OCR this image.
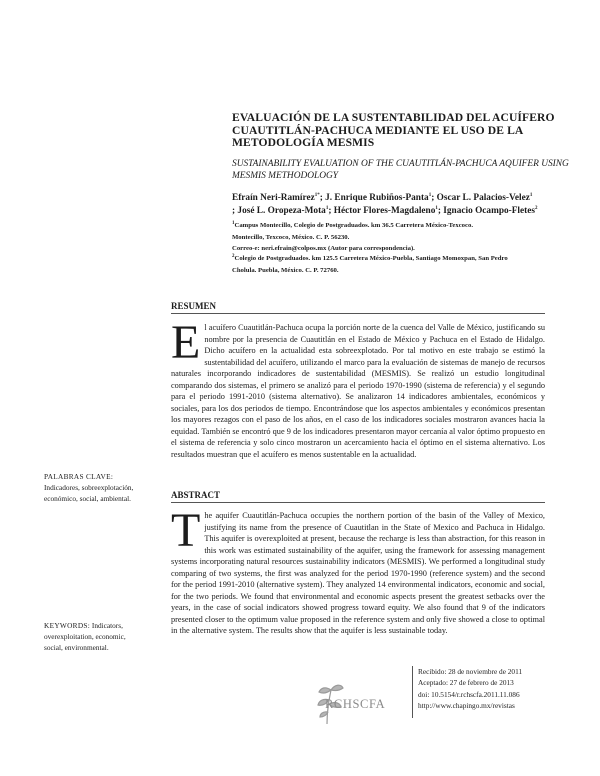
EVALUACIÓN DE LA SUSTENTABILIDAD DEL ACUÍFERO CUAUTITLÁN-PACHUCA MEDIANTE EL USO DE LA METODOLOGÍA MESMIS
SUSTAINABILITY EVALUATION OF THE CUAUTITLÁN-PACHUCA AQUIFER USING MESMIS METHODOLOGY
Efraín Neri-Ramírez$^{1*}$; J. Enrique Rubiños-Panta$^1$; Oscar L. Palacios-Velez$^1$
; José L. Oropeza-Mota$^1$; Héctor Flores-Magdaleno$^1$; Ignacio Ocampo-Fletes$^2$
$^1$Campus Montecillo, Colegio de Postgraduados. km 36.5 Carretera México-Texcoco.
Montecillo, Texcoco, México. C. P. 56230.
Correo-e: neri.efrain@colpos.mx (Autor para correspondencia).
$^2$Colegio de Postgraduados. km 125.5 Carretera México-Puebla, Santiago Momoxpan, San Pedro
Cholula. Puebla, México. C. P. 72760.
RESUMEN
El acuífero Cuautitlán-Pachuca ocupa la porción norte de la cuenca del Valle de México, justificando su nombre por la presencia de Cuautitlán en el Estado de México y Pachuca en el Estado de Hidalgo. Dicho acuífero en la actualidad esta sobreexplotado. Por tal motivo en este trabajo se estimó la sustentabilidad del acuífero, utilizando el marco para la evaluación de sistemas de manejo de recursos naturales incorporando indicadores de sustentabilidad (MESMIS). Se realizó un estudio longitudinal comparando dos sistemas, el primero se analizó para el periodo 1970-1990 (sistema de referencia) y el segundo para el periodo 1991-2010 (sistema alternativo). Se analizaron 14 indicadores ambientales, económicos y sociales, para los dos periodos de tiempo. Encontrándose que los aspectos ambientales y económicos presentan los mayores rezagos con el paso de los años, en el caso de los indicadores sociales mostraron avances hacia la equidad. También se encontró que 9 de los indicadores presentaron mayor cercanía al valor óptimo propuesto en el sistema de referencia y solo cinco mostraron un acercamiento hacia el óptimo en el sistema alternativo. Los resultados muestran que el acuífero es menos sustentable en la actualidad.
PALABRAS CLAVE:
Indicadores, sobreexplotación,
económico, social, ambiental.	ABSTRACT
The aquifer Cuautitlán-Pachuca occupies the northern portion of the basin of the Valley of Mexico, justifying its name from the presence of Cuautitlan in the State of Mexico and Pachuca in Hidalgo. This aquifer is overexploited at present, because the recharge is less than abstraction, for this reason in this work was estimated sustainability of the aquifer, using the framework for assessing management systems incorporating natural resources sustainability indicators (MESMIS). We performed a longitudinal study comparing of two systems, the first was analyzed for the period 1970-1990 (reference system) and the second for the period 1991-2010 (alternative system). They analyzed 14 environmental indicators, economic and social, for the two periods. We found that environmental and economic aspects present the greatest setbacks over the years, in the case of social indicators showed progress toward equity. We also found that 9 of the indicators presented closer to the optimum value proposed in the reference system and only five showed a close to optimal in the alternative system. The results show that the aquifer is less sustainable today.
KEYWORDS: Indicators,
overexploitation, economic,
social, environmental.
RCHSCFA
Recibido: 28 de noviembre de 2011
Aceptado: 27 de febrero de 2013
doi: 10.5154/r.rchscfa.2011.11.086
http://www.chapingo.mx/revistas
